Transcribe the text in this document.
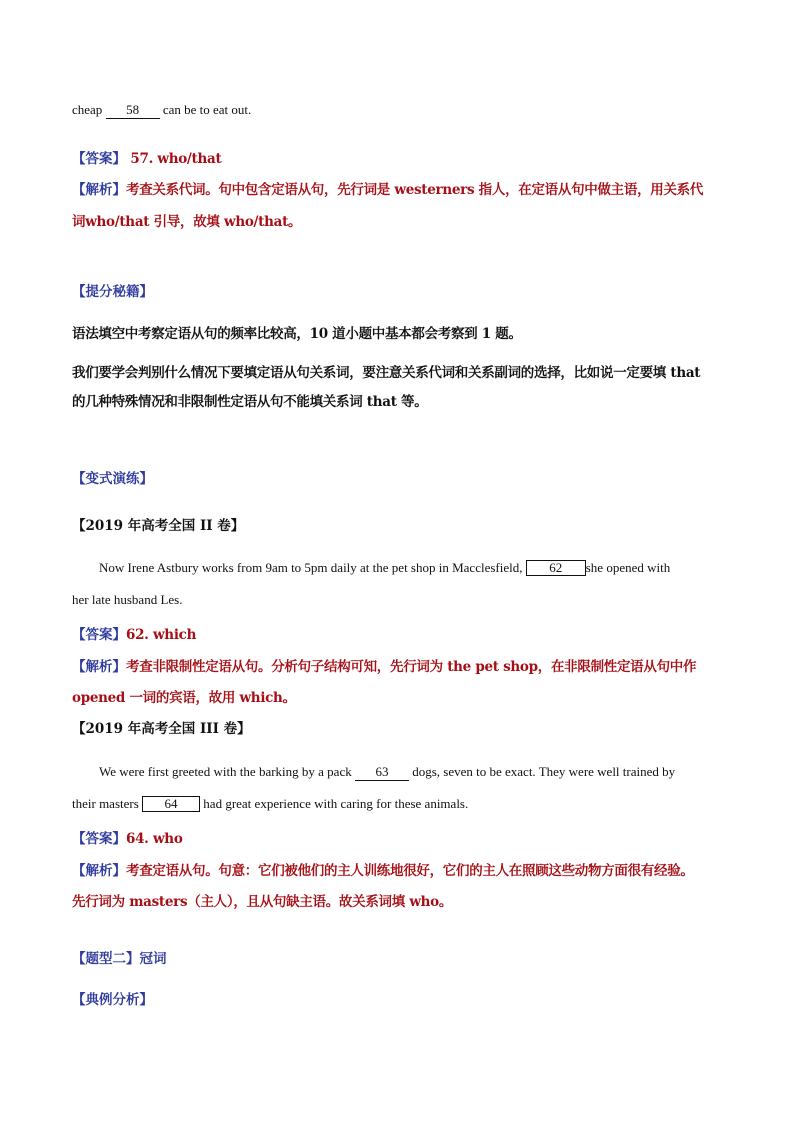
cheap 58 can be to eat out.
【答案】 57. who/that
【解析】考查关系代词。句中包含定语从句，先行词是 westerners 指人，在定语从句中做主语，用关系代
词who/that 引导，故填 who/that。
【提分秘籍】
语法填空中考察定语从句的频率比较高，10 道小题中基本都会考察到 1 题。
我们要学会判别什么情况下要填定语从句关系词，要注意关系代词和关系副词的选择，比如说一定要填 that
的几种特殊情况和非限制性定语从句不能填关系词 that 等。
【变式演练】
【2019 年高考全国 II 卷】
Now Irene Astbury works from 9am to 5pm daily at the pet shop in Macclesfield, 62 she opened with
her late husband Les.
【答案】62. which
【解析】考查非限制性定语从句。分析句子结构可知，先行词为 the pet shop，在非限制性定语从句中作
opened 一词的宾语，故用 which。
【2019 年高考全国 III 卷】
We were first greeted with the barking by a pack 63 dogs, seven to be exact. They were well trained by
their masters 64 had great experience with caring for these animals.
【答案】64. who
【解析】考查定语从句。句意：它们被他们的主人训练地很好，它们的主人在照顾这些动物方面很有经验。
先行词为 masters（主人），且从句缺主语。故关系词填 who。
【题型二】冠词
【典例分析】
